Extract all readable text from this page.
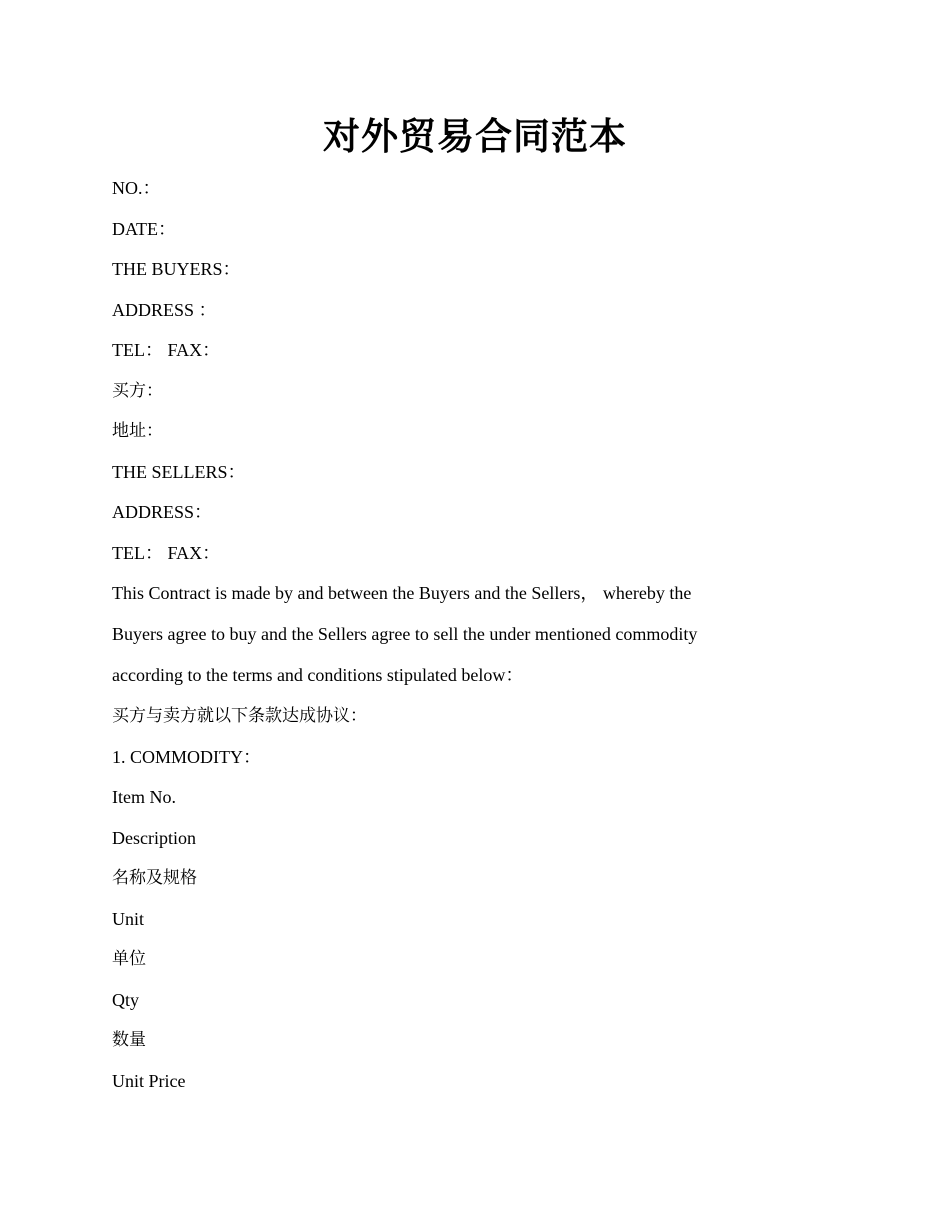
对外贸易合同范本
NO.：
DATE：
THE BUYERS：
ADDRESS ：
TEL： FAX：
买方：
地址：
THE SELLERS：
ADDRESS：
TEL： FAX：
This Contract is made by and between the Buyers and the Sellers， whereby the
Buyers agree to buy and the Sellers agree to sell the under mentioned commodity
according to the terms and conditions stipulated below：
买方与卖方就以下条款达成协议：
1. COMMODITY：
Item No.
Description
名称及规格
Unit
单位
Qty
数量
Unit Price
